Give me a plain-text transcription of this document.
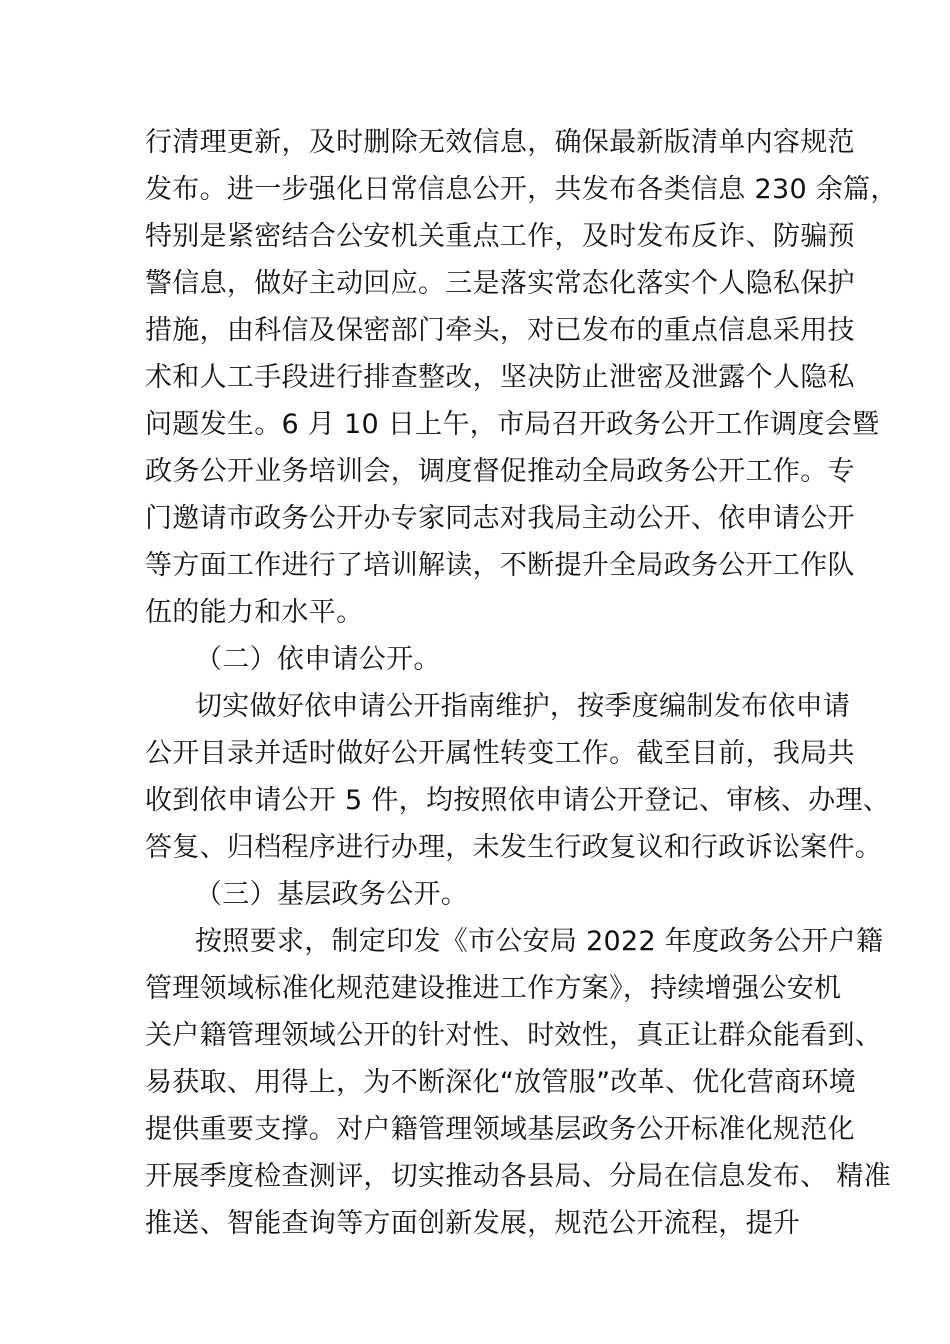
行清理更新，及时删除无效信息，确保最新版清单内容规范
发布。进一步强化日常信息公开，共发布各类信息 230 余篇，
特别是紧密结合公安机关重点工作，及时发布反诈、防骗预
警信息，做好主动回应。三是落实常态化落实个人隐私保护
措施，由科信及保密部门牵头，对已发布的重点信息采用技
术和人工手段进行排查整改，坚决防止泄密及泄露个人隐私
问题发生。6 月 10 日上午，市局召开政务公开工作调度会暨
政务公开业务培训会，调度督促推动全局政务公开工作。专
门邀请市政务公开办专家同志对我局主动公开、依申请公开
等方面工作进行了培训解读，不断提升全局政务公开工作队
伍的能力和水平。
（二）依申请公开。
切实做好依申请公开指南维护，按季度编制发布依申请
公开目录并适时做好公开属性转变工作。截至目前，我局共
收到依申请公开 5 件，均按照依申请公开登记、审核、办理、
答复、归档程序进行办理，未发生行政复议和行政诉讼案件。
（三）基层政务公开。
按照要求，制定印发《市公安局 2022 年度政务公开户籍
管理领域标准化规范建设推进工作方案》，持续增强公安机
关户籍管理领域公开的针对性、时效性，真正让群众能看到、
易获取、用得上，为不断深化“放管服”改革、优化营商环境
提供重要支撑。对户籍管理领域基层政务公开标准化规范化
开展季度检查测评，切实推动各县局、分局在信息发布、 精准
推送、智能查询等方面创新发展，规范公开流程，提升
